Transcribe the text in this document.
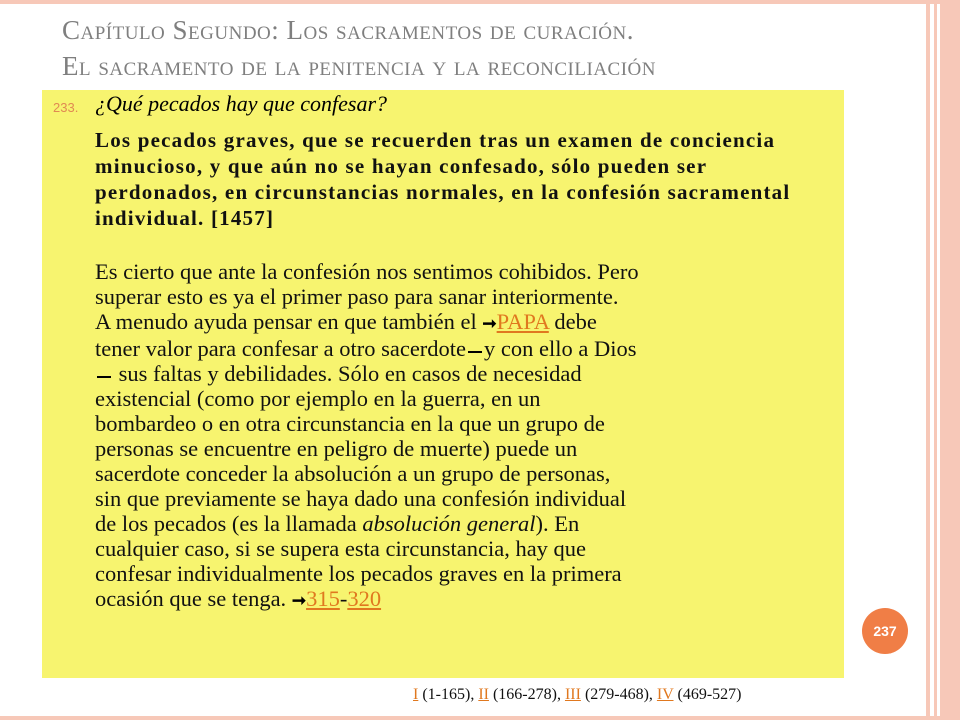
Capítulo Segundo: Los sacramentos de curación.
El sacramento de la penitencia y la reconciliación
233. ¿Qué pecados hay que confesar?
Los pecados graves, que se recuerden tras un examen de conciencia minucioso, y que aún no se hayan confesado, sólo pueden ser perdonados, en circunstancias normales, en la confesión sacramental individual. [1457]
Es cierto que ante la confesión nos sentimos cohibidos. Pero
superar esto es ya el primer paso para sanar interiormente.
A menudo ayuda pensar en que también el ➞PAPA debe
tener valor para confesar a otro sacerdote y con ello a Dios
sus faltas y debilidades. Sólo en casos de necesidad
existencial (como por ejemplo en la guerra, en un
bombardeo o en otra circunstancia en la que un grupo de
personas se encuentre en peligro de muerte) puede un
sacerdote conceder la absolución a un grupo de personas,
sin que previamente se haya dado una confesión individual
de los pecados (es la llamada absolución general). En
cualquier caso, si se supera esta circunstancia, hay que
confesar individualmente los pecados graves en la primera
ocasión que se tenga. ➞315-320
237
I (1-165), II (166-278), III (279-468), IV (469-527)
